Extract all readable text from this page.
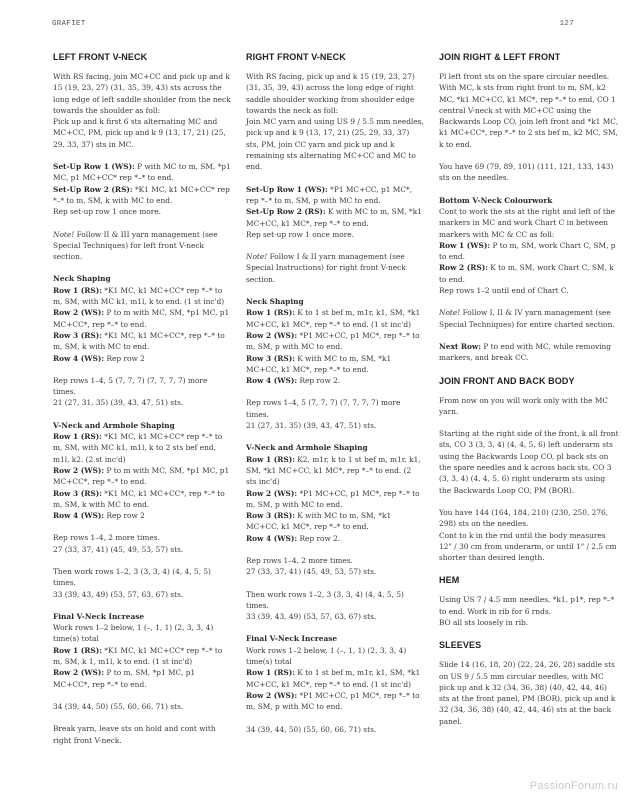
GRAFIET	127
LEFT FRONT V-NECK
With RS facing, join MC+CC and pick up and k 15 (19, 23, 27) (31, 35, 39, 43) sts across the long edge of left saddle shoulder from the neck towards the shoulder as foll:
Pick up and k first 6 sts alternating MC and MC+CC, PM, pick up and k 9 (13, 17, 21) (25, 29, 33, 37) sts in MC.
Set-Up Row 1 (WS): P with MC to m, SM, *p1 MC, p1 MC+CC* rep *–* to end.
Set-Up Row 2 (RS): *K1 MC, k1 MC+CC* rep *–* to m, SM, k with MC to end.
Rep set-up row 1 once more.
Note! Follow II & III yarn management (see Special Techniques) for left front V-neck section.
Neck Shaping
Row 1 (RS): *K1 MC, k1 MC+CC* rep *–* to m, SM, with MC k1, m1l, k to end. (1 st inc'd)
Row 2 (WS): P to m with MC, SM, *p1 MC, p1 MC+CC*, rep *–* to end.
Row 3 (RS): *K1 MC, k1 MC+CC*, rep *–* to m, SM, k with MC to end.
Row 4 (WS): Rep row 2
Rep rows 1–4, 5 (7, 7, 7) (7, 7, 7, 7) more times.
21 (27, 31, 35) (39, 43, 47, 51) sts.
V-Neck and Armhole Shaping
Row 1 (RS): *K1 MC, k1 MC+CC* rep *–* to m, SM, with MC k1, m1l, k to 2 sts bef end, m1l, k2. (2 st inc'd)
Row 2 (WS): P to m with MC, SM, *p1 MC, p1 MC+CC*, rep *–* to end.
Row 3 (RS): *K1 MC, k1 MC+CC*, rep *–* to m, SM, k with MC to end.
Row 4 (WS): Rep row 2
Rep rows 1–4, 2 more times.
27 (33, 37, 41) (45, 49, 53, 57) sts.
Then work rows 1–2, 3 (3, 3, 4) (4, 4, 5, 5) times.
33 (39, 43, 49) (53, 57, 63, 67) sts.
Final V-Neck Increase
Work rows 1–2 below, 1 (–, 1, 1) (2, 3, 3, 4) time(s) total
Row 1 (RS): *K1 MC, k1 MC+CC* rep *–* to m, SM, k 1, m1l, k to end. (1 st inc'd)
Row 2 (WS): P to m, SM, *p1 MC, p1 MC+CC*, rep *–* to end.
34 (39, 44, 50) (55, 60, 66, 71) sts.
Break yarn, leave sts on hold and cont with right front V-neck.
RIGHT FRONT V-NECK
With RS facing, pick up and k 15 (19, 23, 27) (31, 35, 39, 43) across the long edge of right saddle shoulder working from shoulder edge towards the neck as foll:
Join MC yarn and using US 9 / 5.5 mm needles, pick up and k 9 (13, 17, 21) (25, 29, 33, 37) sts, PM, join CC yarn and pick up and k remaining sts alternating MC+CC and MC to end.
Set-Up Row 1 (WS): *P1 MC+CC, p1 MC*, rep *–* to m, SM, p with MC to end.
Set-Up Row 2 (RS): K with MC to m, SM, *k1 MC+CC, k1 MC*, rep *–* to end.
Rep set-up row 1 once more.
Note! Follow I & II yarn management (see Special Instructions) for right front V-neck section.
Neck Shaping
Row 1 (RS): K to 1 st bef m, m1r, k1, SM, *k1 MC+CC, k1 MC*, rep *–* to end. (1 st inc'd)
Row 2 (WS): *P1 MC+CC, p1 MC*, rep *–* to m, SM, p with MC to end.
Row 3 (RS): K with MC to m, SM, *k1 MC+CC, k1 MC*, rep *–* to end.
Row 4 (WS): Rep row 2.
Rep rows 1–4, 5 (7, 7, 7) (7, 7, 7, 7) more times.
21 (27, 31, 35) (39, 43, 47, 51) sts.
V-Neck and Armhole Shaping
Row 1 (RS): K2, m1r, k to 1 st bef m, m1r, k1, SM, *k1 MC+CC, k1 MC*, rep *–* to end. (2 sts inc'd)
Row 2 (WS): *P1 MC+CC, p1 MC*, rep *–* to m, SM, p with MC to end.
Row 3 (RS): K with MC to m, SM, *k1 MC+CC, k1 MC*, rep *–* to end.
Row 4 (WS): Rep row 2.
Rep rows 1–4, 2 more times.
27 (33, 37, 41) (45, 49, 53, 57) sts.
Then work rows 1–2, 3 (3, 3, 4) (4, 4, 5, 5) times.
33 (39, 43, 49) (53, 57, 63, 67) sts.
Final V-Neck Increase
Work rows 1–2 below, 1 (–, 1, 1) (2, 3, 3, 4) time(s) total
Row 1 (RS): K to 1 st bef m, m1r, k1, SM, *k1 MC+CC, k1 MC*, rep *–* to end. (1 st inc'd)
Row 2 (WS): *P1 MC+CC, p1 MC*, rep *–* to m, SM, p with MC to end.
34 (39, 44, 50) (55, 60, 66, 71) sts.
JOIN RIGHT & LEFT FRONT
Pl left front sts on the spare circular needles. With MC, k sts from right front to m, SM, k2 MC, *k1 MC+CC, k1 MC*, rep *–* to end, CO 1 central V-neck st with MC+CC using the Backwards Loop CO, join left front and *k1 MC, k1 MC+CC*, rep *–* to 2 sts bef m, k2 MC, SM, k to end.
You have 69 (79, 89, 101) (111, 121, 133, 143) sts on the needles.
Bottom V-Neck Colourwork
Cont to work the sts at the right and left of the markers in MC and work Chart C in between markers with MC & CC as foll:
Row 1 (WS): P to m, SM, work Chart C, SM, p to end.
Row 2 (RS): K to m, SM, work Chart C, SM, k to end.
Rep rows 1–2 until end of Chart C.
Note! Follow I, II & IV yarn management (see Special Techniques) for entire charted section.
Next Row: P to end with MC, while removing markers, and break CC.
JOIN FRONT AND BACK BODY
From now on you will work only with the MC yarn.
Starting at the right side of the front, k all front sts, CO 3 (3, 3, 4) (4, 4, 5, 6) left underarm sts using the Backwards Loop CO, pl back sts on the spare needles and k across back sts, CO 3 (3, 3, 4) (4, 4, 5, 6) right underarm sts using the Backwards Loop CO, PM (BOR).
You have 144 (164, 184, 210) (230, 250, 276, 298) sts on the needles.
Cont to k in the rnd until the body measures 12" / 30 cm from underarm, or until 1" / 2.5 cm shorter than desired length.
HEM
Using US 7 / 4.5 mm needles, *k1, p1*, rep *–* to end. Work in rib for 6 rnds.
BO all sts loosely in rib.
SLEEVES
Slide 14 (16, 18, 20) (22, 24, 26, 28) saddle sts on US 9 / 5.5 mm circular needles, with MC pick up and k 32 (34, 36, 38) (40, 42, 44, 46) sts at the front panel, PM (BOR), pick up and k 32 (34, 36, 38) (40, 42, 44, 46) sts at the back panel.
PassionForum.ru
